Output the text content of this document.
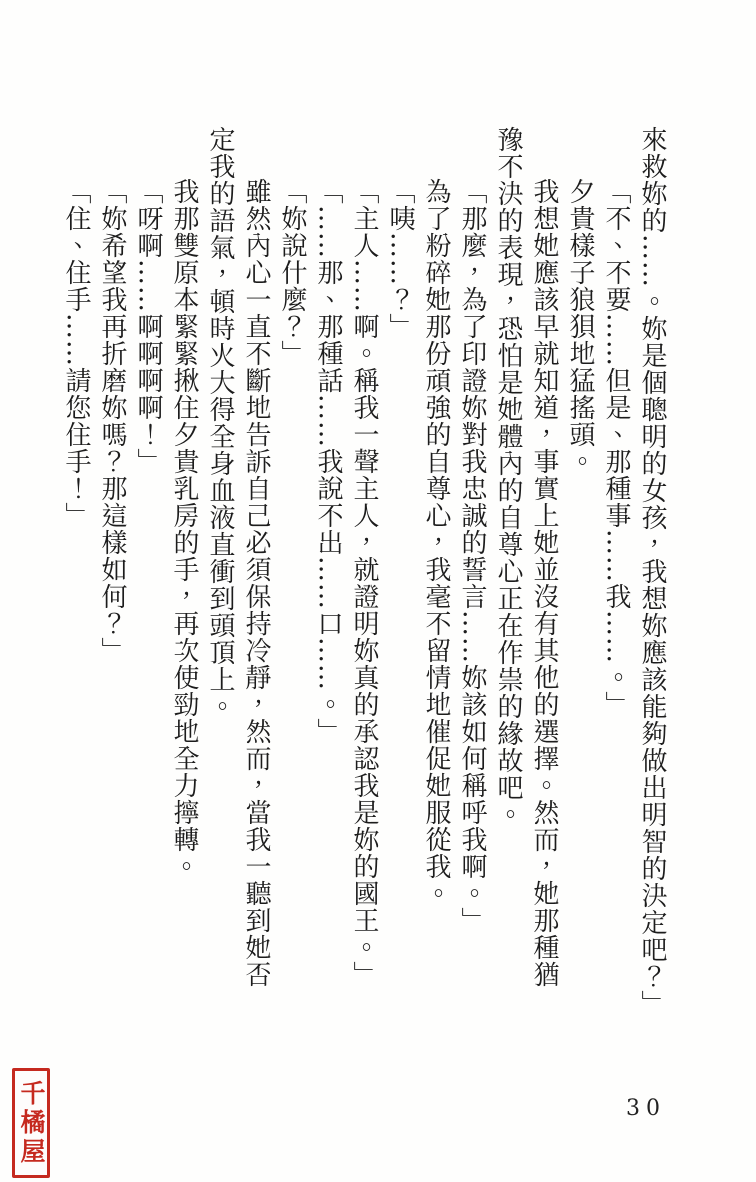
來救妳的……。妳是個聰明的女孩，我想妳應該能夠做出明智的決定吧？」

「不、不要……但是、那種事……我……。」

夕貴樣子狼狽地猛搖頭。

我想她應該早就知道，事實上她並沒有其他的選擇。然而，她那種猶豫不決的表現，恐怕是她體內的自尊心正在作祟的緣故吧。

「那麼，為了印證妳對我忠誠的誓言……妳該如何稱呼我啊。」

為了粉碎她那份頑強的自尊心，我毫不留情地催促她服從我。

「咦……？」

「主人……啊。稱我一聲主人，就證明妳真的承認我是妳的國王。」

「……那、那種話……我說不出……口……。」

「妳說什麼？」

雖然內心一直不斷地告訴自己必須保持冷靜，然而，當我一聽到她否定我的語氣，頓時火大得全身血液直衝到頭頂上。

我那雙原本緊緊揪住夕貴乳房的手，再次使勁地全力擰轉。

「呀啊……啊啊啊啊！」

「妳希望我再折磨妳嗎？那這樣如何？」

「住、住手……請您住手！」

千橘屋	30
